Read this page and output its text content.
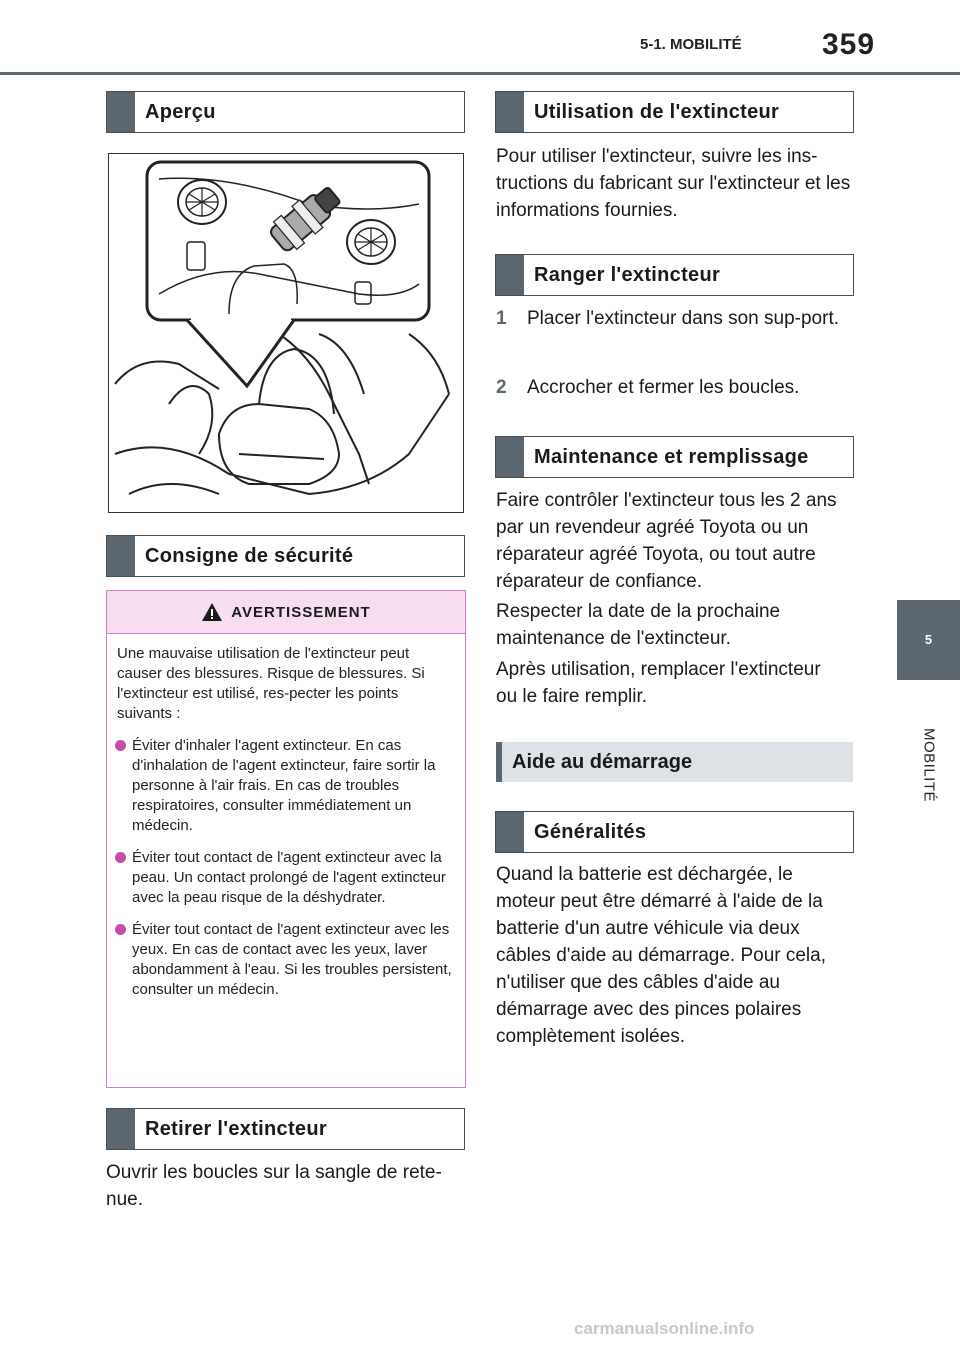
5-1. MOBILITÉ	359
5
MOBILITÉ
Aperçu
Consigne de sécurité
AVERTISSEMENT
Une mauvaise utilisation de l'extincteur peut causer des blessures. Risque de blessures. Si l'extincteur est utilisé, res-pecter les points suivants :
Éviter d'inhaler l'agent extincteur. En cas d'inhalation de l'agent extincteur, faire sortir la personne à l'air frais. En cas de troubles respiratoires, consulter immédiatement un médecin.
Éviter tout contact de l'agent extincteur avec la peau. Un contact prolongé de l'agent extincteur avec la peau risque de la déshydrater.
Éviter tout contact de l'agent extincteur avec les yeux. En cas de contact avec les yeux, laver abondamment à l'eau. Si les troubles persistent, consulter un médecin.
Retirer l'extincteur
Ouvrir les boucles sur la sangle de rete-nue.
Utilisation de l'extincteur
Pour utiliser l'extincteur, suivre les ins-tructions du fabricant sur l'extincteur et les informations fournies.
Ranger l'extincteur
1 Placer l'extincteur dans son sup-port.
2 Accrocher et fermer les boucles.
Maintenance et remplissage
Faire contrôler l'extincteur tous les 2 ans par un revendeur agréé Toyota ou un réparateur agréé Toyota, ou tout autre réparateur de confiance.
Respecter la date de la prochaine maintenance de l'extincteur.
Après utilisation, remplacer l'extincteur ou le faire remplir.
Aide au démarrage
Généralités
Quand la batterie est déchargée, le moteur peut être démarré à l'aide de la batterie d'un autre véhicule via deux câbles d'aide au démarrage. Pour cela, n'utiliser que des câbles d'aide au démarrage avec des pinces polaires complètement isolées.
carmanualsonline.info
